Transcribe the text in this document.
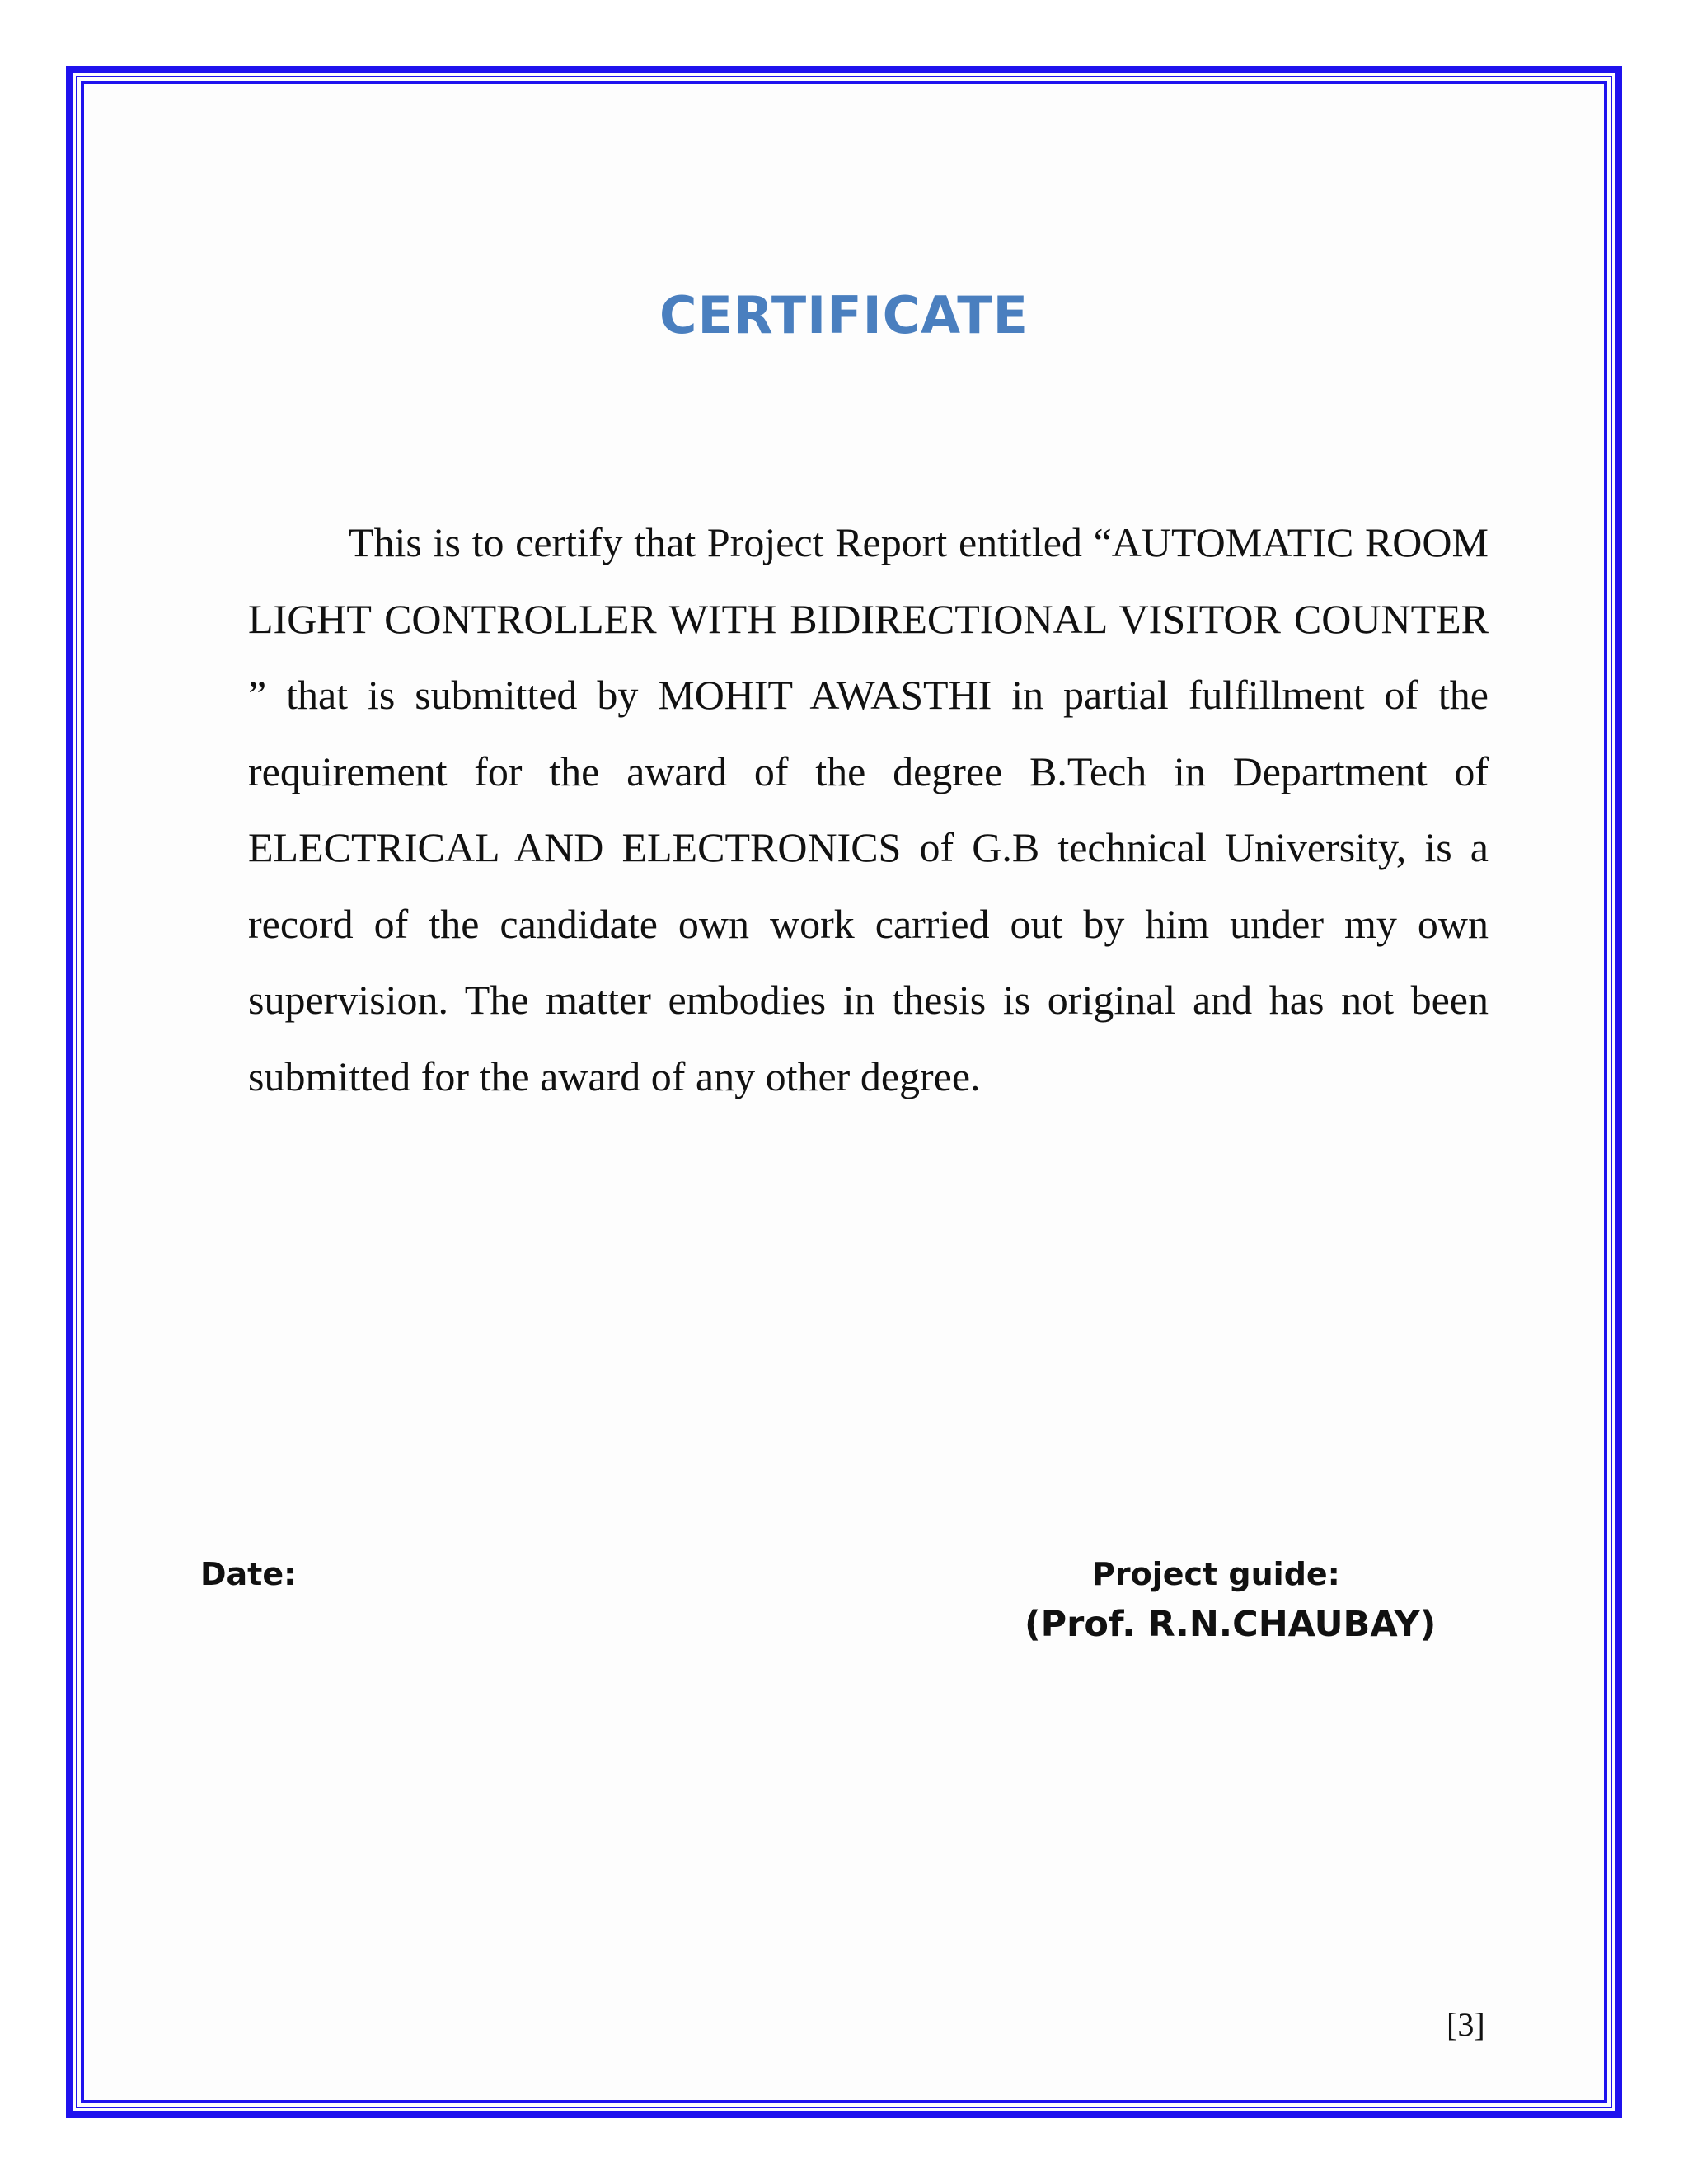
CERTIFICATE

This is to certify that Project Report entitled “AUTOMATIC ROOM LIGHT CONTROLLER WITH BIDIRECTIONAL VISITOR COUNTER ” that is submitted by MOHIT AWASTHI in partial fulfillment of the requirement for the award of the degree B.Tech in Department of ELECTRICAL AND ELECTRONICS of G.B technical University, is a record of the candidate own work carried out by him under my own supervision. The matter embodies in thesis is original and has not been submitted for the award of any other degree.

Date:	Project guide:
(Prof. R.N.CHAUBAY)
[3]
